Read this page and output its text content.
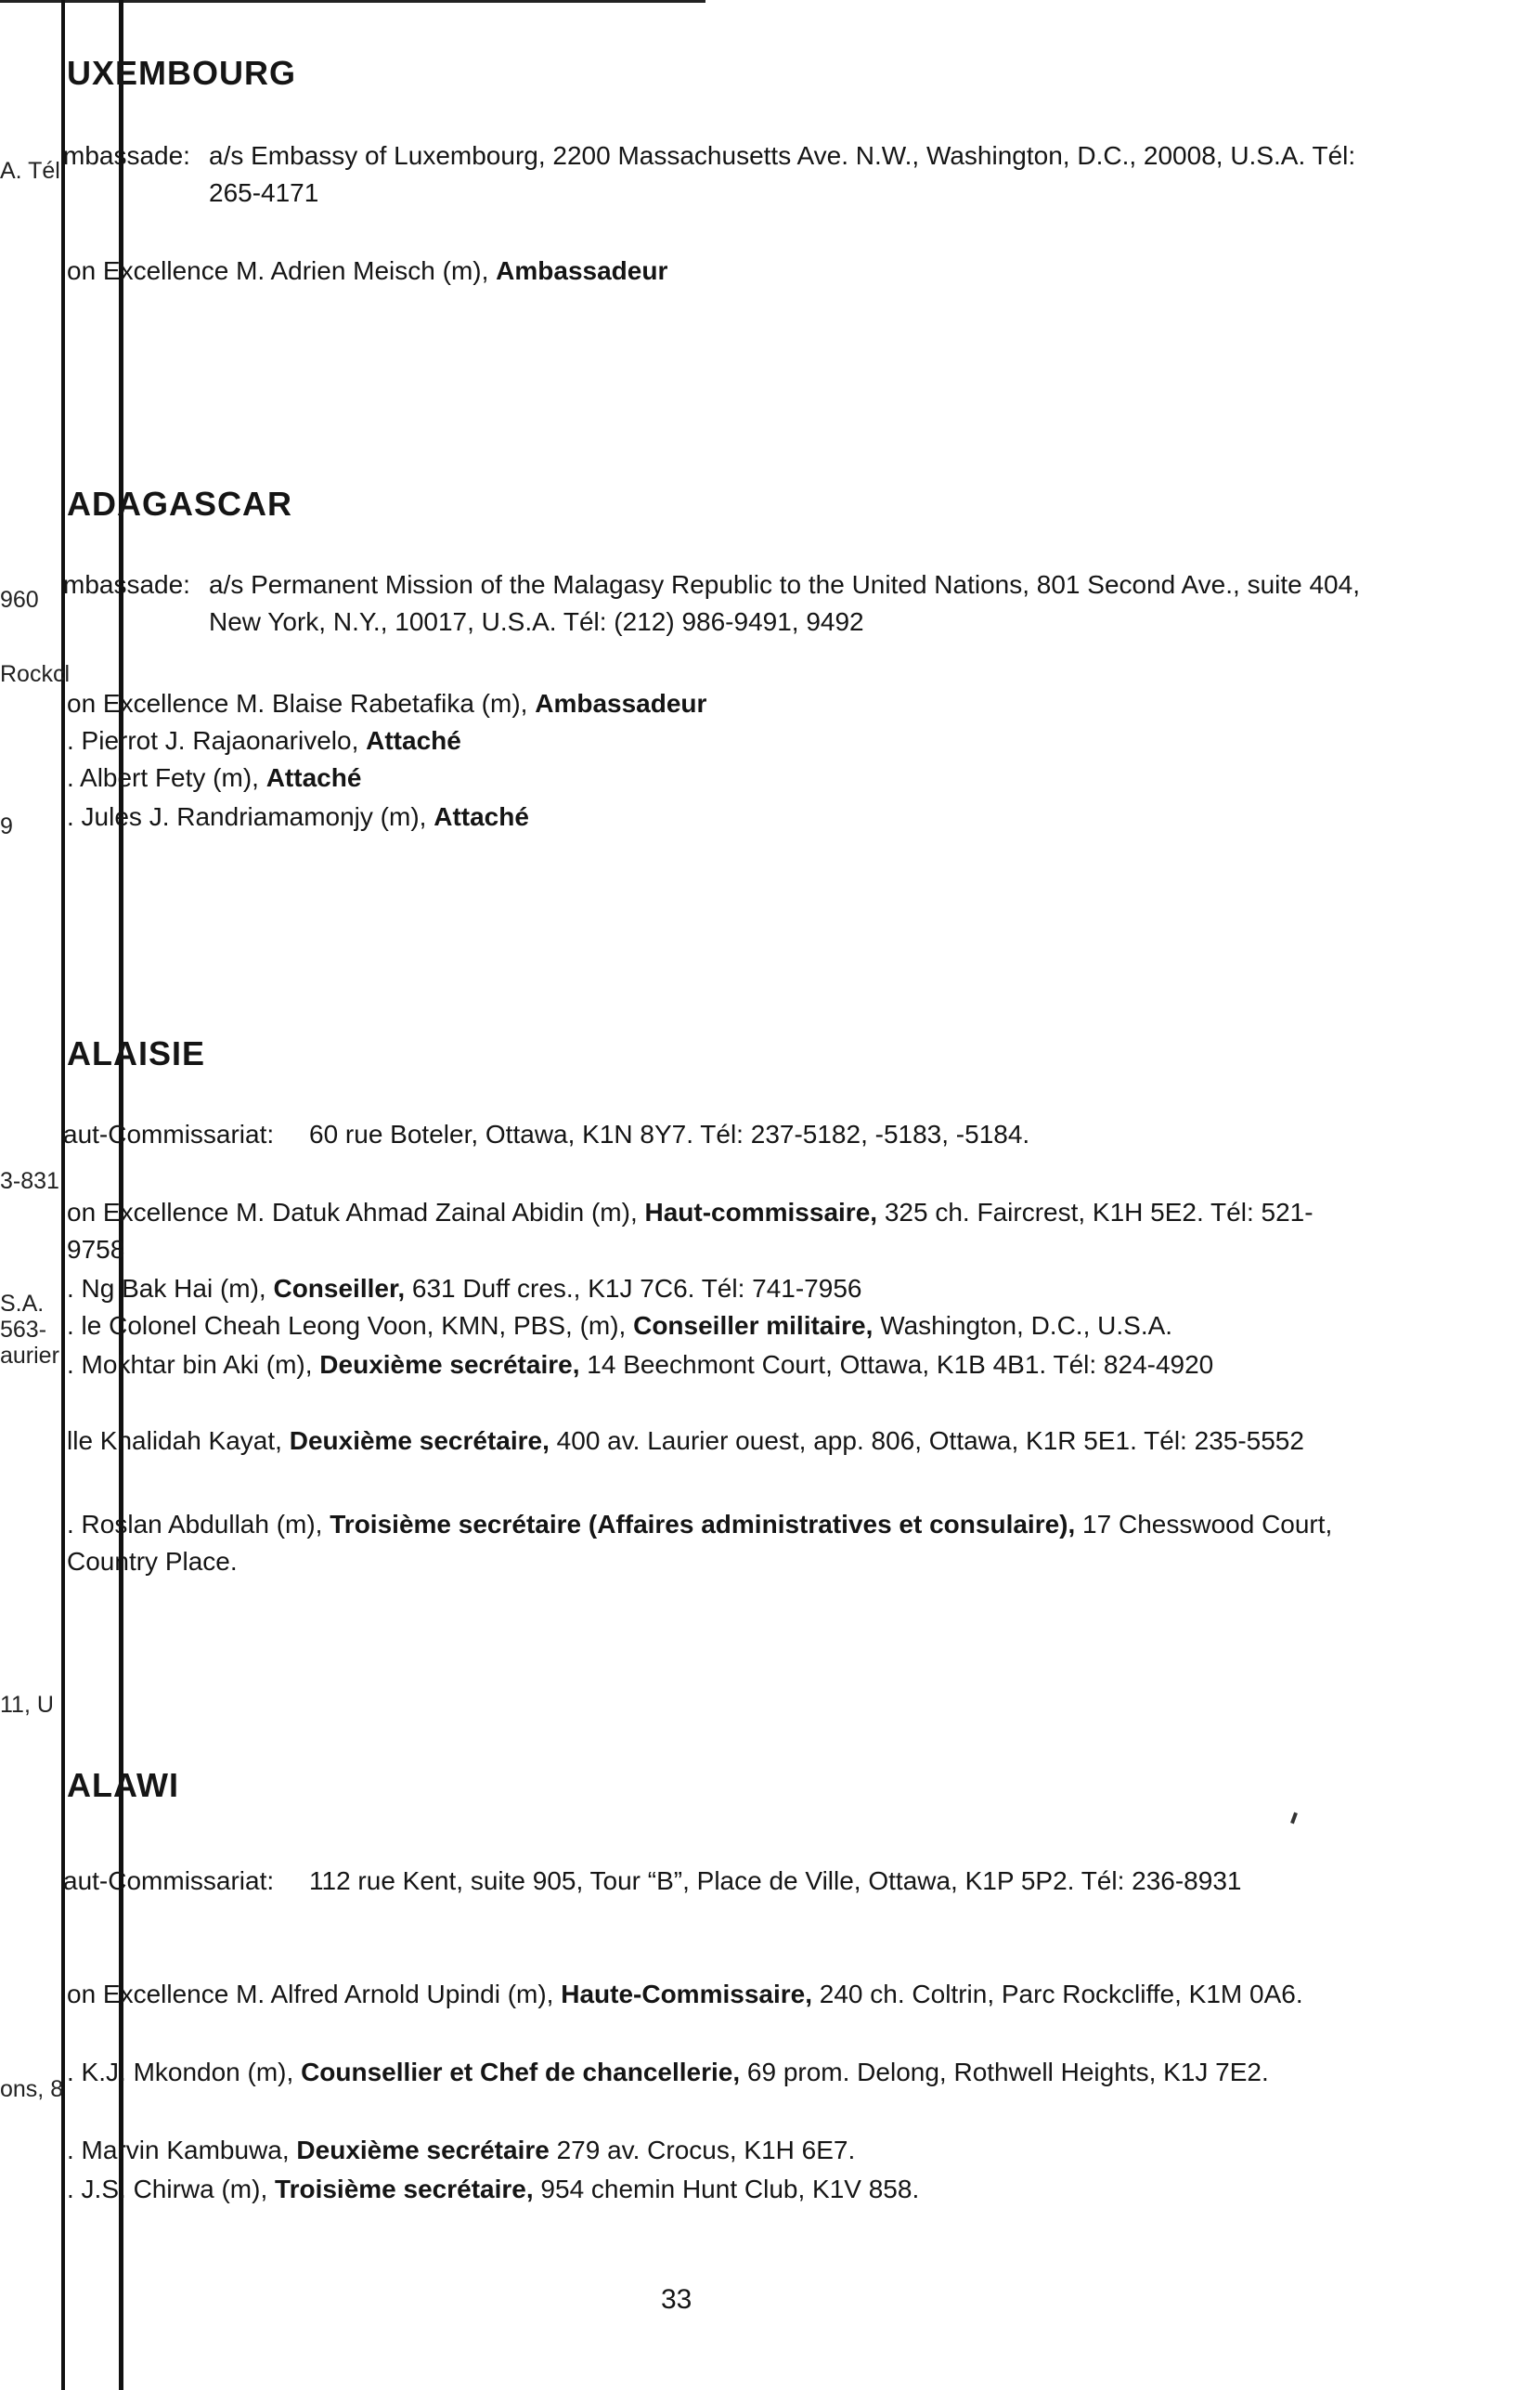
A. Tél
960
Rockcl
9
3-831
S.A.
563-
aurier
11, U
ons, 8
UXEMBOURG
mbassade: a/s Embassy of Luxembourg, 2200 Massachusetts Ave. N.W., Washington, D.C., 20008, U.S.A. Tél: 265-4171
on Excellence M. Adrien Meisch (m), Ambassadeur
ADAGASCAR
mbassade: a/s Permanent Mission of the Malagasy Republic to the United Nations, 801 Second Ave., suite 404, New York, N.Y., 10017, U.S.A. Tél: (212) 986-9491, 9492
on Excellence M. Blaise Rabetafika (m), Ambassadeur
. Pierrot J. Rajaonarivelo, Attaché
. Albert Fety (m), Attaché
. Jules J. Randriamamonjy (m), Attaché
ALAISIE
aut-Commissariat: 60 rue Boteler, Ottawa, K1N 8Y7. Tél: 237-5182, -5183, -5184.
on Excellence M. Datuk Ahmad Zainal Abidin (m), Haut-commissaire, 325 ch. Faircrest, K1H 5E2. Tél: 521-9758
. Ng Bak Hai (m), Conseiller, 631 Duff cres., K1J 7C6. Tél: 741-7956
. le Colonel Cheah Leong Voon, KMN, PBS, (m), Conseiller militaire, Washington, D.C., U.S.A.
. Mokhtar bin Aki (m), Deuxième secrétaire, 14 Beechmont Court, Ottawa, K1B 4B1. Tél: 824-4920
lle Khalidah Kayat, Deuxième secrétaire, 400 av. Laurier ouest, app. 806, Ottawa, K1R 5E1. Tél: 235-5552
. Roslan Abdullah (m), Troisième secrétaire (Affaires administratives et consulaire), 17 Chesswood Court, Country Place.
ALAWI
aut-Commissariat: 112 rue Kent, suite 905, Tour “B”, Place de Ville, Ottawa, K1P 5P2. Tél: 236-8931
on Excellence M. Alfred Arnold Upindi (m), Haute-Commissaire, 240 ch. Coltrin, Parc Rockcliffe, K1M 0A6.
. K.J. Mkondon (m), Counsellier et Chef de chancellerie, 69 prom. Delong, Rothwell Heights, K1J 7E2.
. Marvin Kambuwa, Deuxième secrétaire 279 av. Crocus, K1H 6E7.
. J.S. Chirwa (m), Troisième secrétaire, 954 chemin Hunt Club, K1V 858.
33
